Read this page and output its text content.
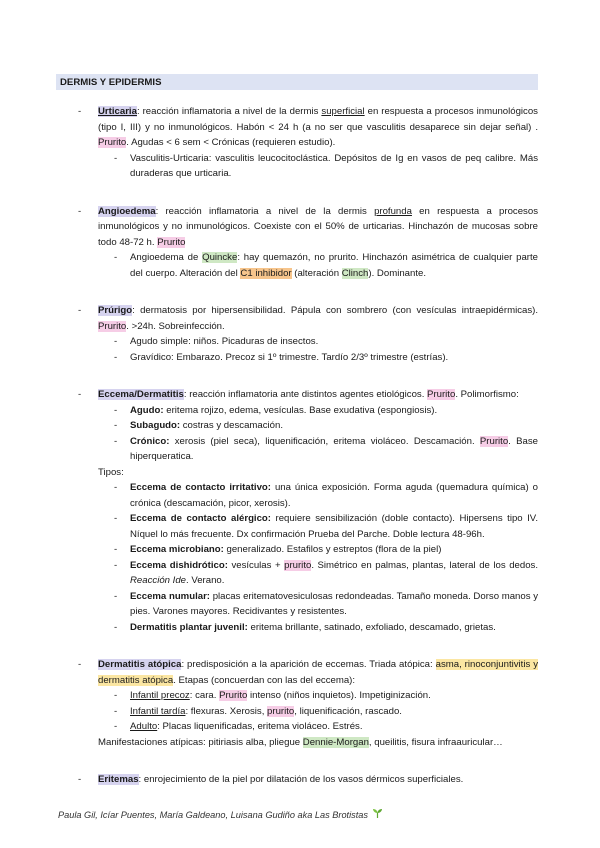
DERMIS Y EPIDERMIS
- Urticaria: reacción inflamatoria a nivel de la dermis superficial en respuesta a procesos inmunológicos (tipo I, III) y no inmunológicos. Habón < 24 h (a no ser que vasculitis desaparece sin dejar señal) . Prurito. Agudas < 6 sem < Crónicas (requieren estudio).
- Vasculitis-Urticaria: vasculitis leucocitoclástica. Depósitos de Ig en vasos de peq calibre. Más duraderas que urticaria.
- Angioedema: reacción inflamatoria a nivel de la dermis profunda en respuesta a procesos inmunológicos y no inmunológicos. Coexiste con el 50% de urticarias. Hinchazón de mucosas sobre todo 48-72 h. Prurito
- Angioedema de Quincke: hay quemazón, no prurito. Hinchazón asimétrica de cualquier parte del cuerpo. Alteración del C1 inhibidor (alteración Clinch). Dominante.
- Prúrigo: dermatosis por hipersensibilidad. Pápula con sombrero (con vesículas intraepidérmicas). Prurito. >24h. Sobreinfección.
- Agudo simple: niños. Picaduras de insectos.
- Gravídico: Embarazo. Precoz si 1º trimestre. Tardío 2/3º trimestre (estrías).
- Eccema/Dermatitis: reacción inflamatoria ante distintos agentes etiológicos. Prurito. Polimorfismo:
- Agudo: eritema rojizo, edema, vesículas. Base exudativa (espongiosis).
- Subagudo: costras y descamación.
- Crónico: xerosis (piel seca), liquenificación, eritema violáceo. Descamación. Prurito. Base hiperqueratica.
Tipos:
- Eccema de contacto irritativo: una única exposición. Forma aguda (quemadura química) o crónica (descamación, picor, xerosis).
- Eccema de contacto alérgico: requiere sensibilización (doble contacto). Hipersens tipo IV. Níquel lo más frecuente. Dx confirmación Prueba del Parche. Doble lectura 48-96h.
- Eccema microbiano: generalizado. Estafilos y estreptos (flora de la piel)
- Eccema dishidrótico: vesículas + prurito. Simétrico en palmas, plantas, lateral de los dedos. Reacción Ide. Verano.
- Eccema numular: placas eritematovesiculosas redondeadas. Tamaño moneda. Dorso manos y pies. Varones mayores. Recidivantes y resistentes.
- Dermatitis plantar juvenil: eritema brillante, satinado, exfoliado, descamado, grietas.
- Dermatitis atópica: predisposición a la aparición de eccemas. Triada atópica: asma, rinoconjuntivitis y dermatitis atópica. Etapas (concuerdan con las del eccema):
- Infantil precoz: cara. Prurito intenso (niños inquietos). Impetiginización.
- Infantil tardía: flexuras. Xerosis, prurito, liquenificación, rascado.
- Adulto: Placas liquenificadas, eritema violáceo. Estrés.
Manifestaciones atípicas: pitiriasis alba, pliegue Dennie-Morgan, queilitis, fisura infraauricular…
- Eritemas: enrojecimiento de la piel por dilatación de los vasos dérmicos superficiales.
Paula Gil, Icíar Puentes, María Galdeano, Luisana Gudiño aka Las Brotistas
